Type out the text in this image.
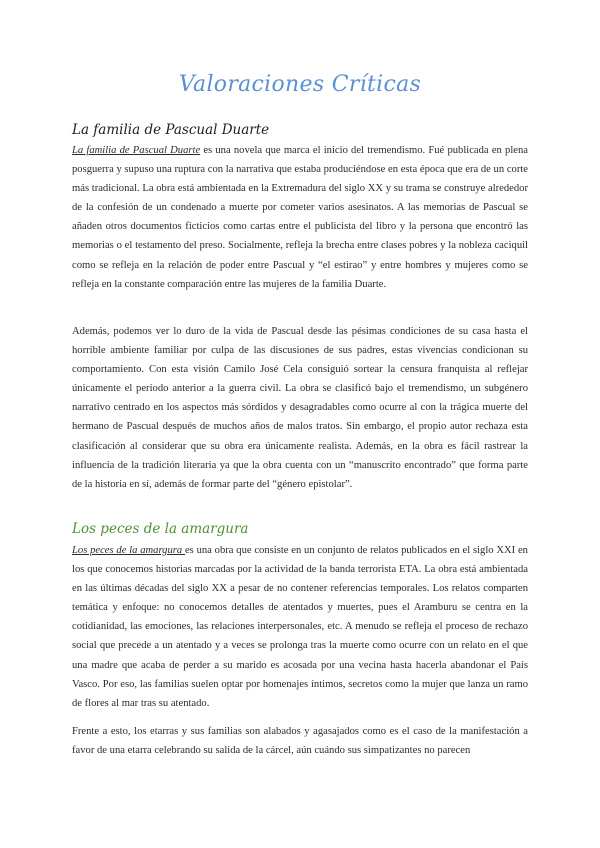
Valoraciones Críticas
La familia de Pascual Duarte

La familia de Pascual Duarte es una novela que marca el inicio del tremendismo. Fué publicada en plena posguerra y supuso una ruptura con la narrativa que estaba produciéndose en esta época que era de un corte más tradicional. La obra está ambientada en la Extremadura del siglo XX y su trama se construye alrededor de la confesión de un condenado a muerte por cometer varios asesinatos. A las memorias de Pascual se añaden otros documentos ficticios como cartas entre el publicista del libro y la persona que encontró las memorias o el testamento del preso. Socialmente, refleja la brecha entre clases pobres y la nobleza caciquil como se refleja en la relación de poder entre Pascual y “el estirao” y entre hombres y mujeres como se refleja en la constante comparación entre las mujeres de la familia Duarte.

Además, podemos ver lo duro de la vida de Pascual desde las pésimas condiciones de su casa hasta el horrible ambiente familiar por culpa de las discusiones de sus padres, estas vivencias condicionan su comportamiento. Con esta visión Camilo José Cela consiguió sortear la censura franquista al reflejar únicamente el periodo anterior a la guerra civil. La obra se clasificó bajo el tremendismo, un subgénero narrativo centrado en los aspectos más sórdidos y desagradables como ocurre al con la trágica muerte del hermano de Pascual después de muchos años de malos tratos. Sin embargo, el propio autor rechaza esta clasificación al considerar que su obra era únicamente realista. Además, en la obra es fácil rastrear la influencia de la tradición literaria ya que la obra cuenta con un “manuscrito encontrado” que forma parte de la historia en sí, además de formar parte del “género epistolar”.

Los peces de la amargura

Los peces de la amargura es una obra que consiste en un conjunto de relatos publicados en el siglo XXI en los que conocemos historias marcadas por la actividad de la banda terrorista ETA. La obra está ambientada en las últimas décadas del siglo XX a pesar de no contener referencias temporales. Los relatos comparten temática y enfoque: no conocemos detalles de atentados y muertes, pues el Aramburu se centra en la cotidianidad, las emociones, las relaciones interpersonales, etc. A menudo se refleja el proceso de rechazo social que precede a un atentado y a veces se prolonga tras la muerte como ocurre con un relato en el que una madre que acaba de perder a su marido es acosada por una vecina hasta hacerla abandonar el País Vasco. Por eso, las familias suelen optar por homenajes íntimos, secretos como la mujer que lanza un ramo de flores al mar tras su atentado.

Frente a esto, los etarras y sus familias son alabados y agasajados como es el caso de la manifestación a favor de una etarra celebrando su salida de la cárcel, aún cuándo sus simpatizantes no parecen
